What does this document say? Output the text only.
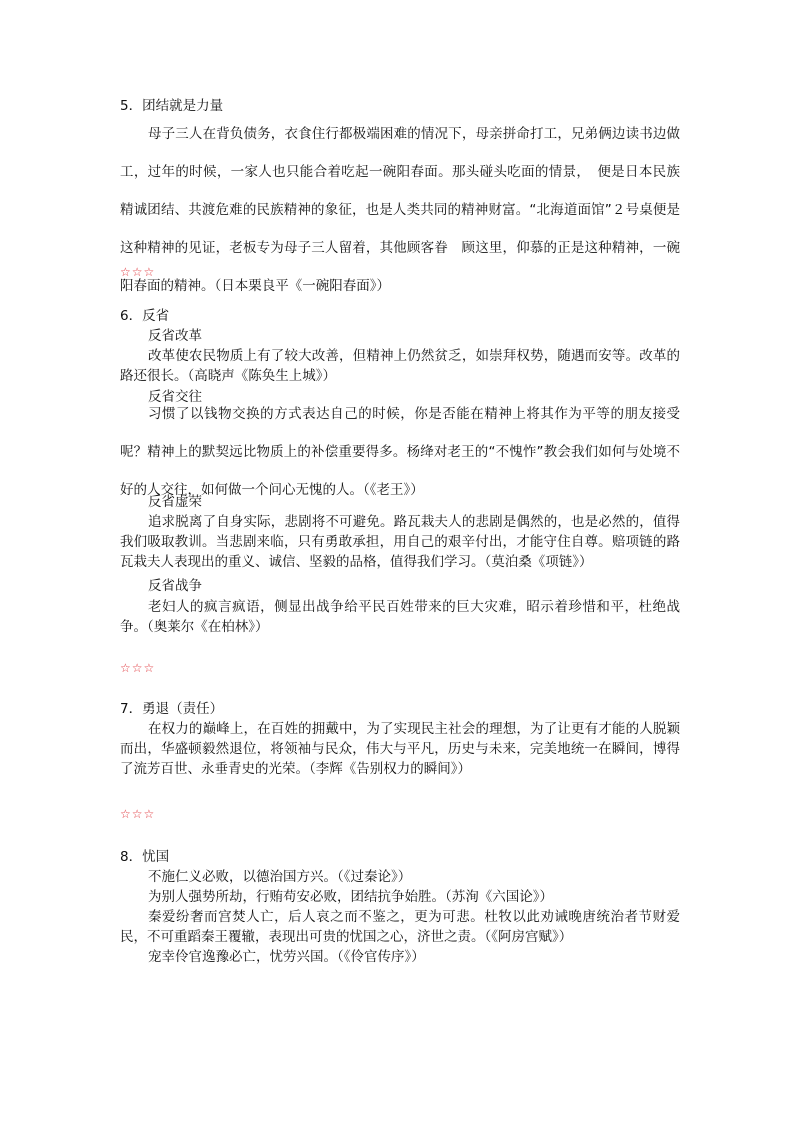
5．团结就是力量
母子三人在背负债务，衣食住行都极端困难的情况下，母亲拼命打工，兄弟俩边读书边做工，过年的时候，一家人也只能合着吃起一碗阳春面。那头碰头吃面的情景，　便是日本民族精诚团结、共渡危难的民族精神的象征，也是人类共同的精神财富。“北海道面馆”２号桌便是这种精神的见证，老板专为母子三人留着，其他顾客眷　顾这里，仰慕的正是这种精神，一碗阳春面的精神。（日本栗良平《一碗阳春面》）
☆☆☆
6．反省
反省改革
改革使农民物质上有了较大改善，但精神上仍然贫乏，如崇拜权势，随遇而安等。改革的路还很长。（高晓声《陈奂生上城》）
反省交往
习惯了以钱物交换的方式表达自己的时候，你是否能在精神上将其作为平等的朋友接受呢？精神上的默契远比物质上的补偿重要得多。杨绛对老王的“不愧怍”教会我们如何与处境不好的人交往，如何做一个问心无愧的人。（《老王》）
反省虚荣
追求脱离了自身实际，悲剧将不可避免。路瓦栽夫人的悲剧是偶然的，也是必然的，值得我们吸取教训。当悲剧来临，只有勇敢承担，用自己的艰辛付出，才能守住自尊。赔项链的路瓦栽夫人表现出的重义、诚信、坚毅的品格，值得我们学习。（莫泊桑《项链》）
反省战争
老妇人的疯言疯语，侧显出战争给平民百姓带来的巨大灾难，昭示着珍惜和平，杜绝战争。（奥莱尔《在柏林》）
☆☆☆
7．勇退（责任）
在权力的巅峰上，在百姓的拥戴中，为了实现民主社会的理想，为了让更有才能的人脱颖而出，华盛顿毅然退位，将领袖与民众，伟大与平凡，历史与未来，完美地统一在瞬间，博得了流芳百世、永垂青史的光荣。（李辉《告别权力的瞬间》）
☆☆☆
8．忧国
不施仁义必败，以德治国方兴。（《过秦论》）
为别人强势所劫，行贿苟安必败，团结抗争始胜。（苏洵《六国论》）
秦爱纷奢而宫焚人亡，后人哀之而不鉴之，更为可悲。杜牧以此劝诫晚唐统治者节财爱民，不可重蹈秦王覆辙，表现出可贵的忧国之心，济世之责。（《阿房宫赋》）
宠幸伶官逸豫必亡，忧劳兴国。（《伶官传序》）
